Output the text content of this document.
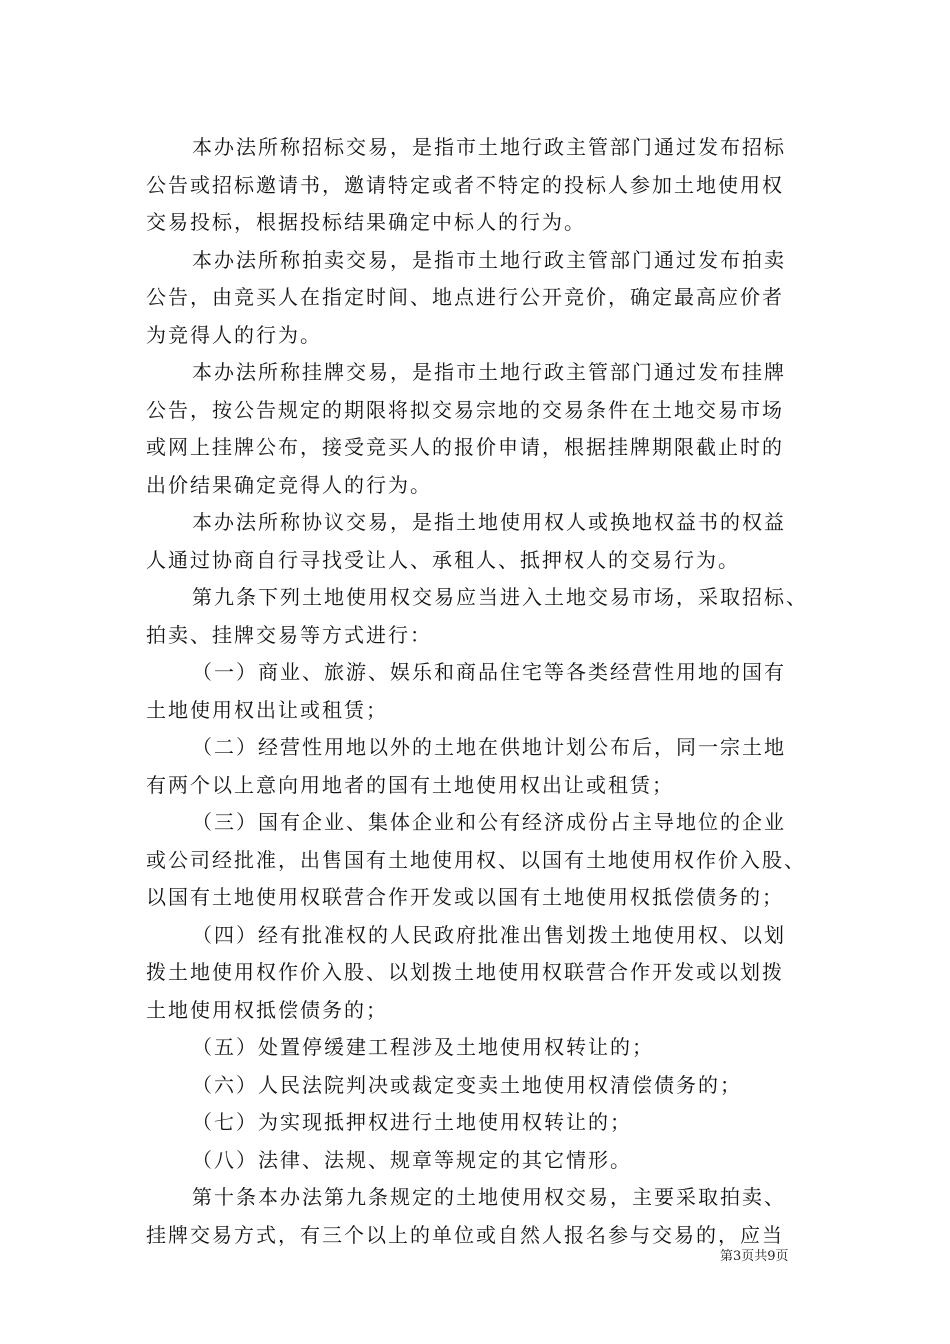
本办法所称招标交易，是指市土地行政主管部门通过发布招标
公告或招标邀请书，邀请特定或者不特定的投标人参加土地使用权
交易投标，根据投标结果确定中标人的行为。
本办法所称拍卖交易，是指市土地行政主管部门通过发布拍卖
公告，由竞买人在指定时间、地点进行公开竞价，确定最高应价者
为竞得人的行为。
本办法所称挂牌交易，是指市土地行政主管部门通过发布挂牌
公告，按公告规定的期限将拟交易宗地的交易条件在土地交易市场
或网上挂牌公布，接受竞买人的报价申请，根据挂牌期限截止时的
出价结果确定竞得人的行为。
本办法所称协议交易，是指土地使用权人或换地权益书的权益
人通过协商自行寻找受让人、承租人、抵押权人的交易行为。
第九条下列土地使用权交易应当进入土地交易市场，采取招标、
拍卖、挂牌交易等方式进行：
（一）商业、旅游、娱乐和商品住宅等各类经营性用地的国有
土地使用权出让或租赁；
（二）经营性用地以外的土地在供地计划公布后，同一宗土地
有两个以上意向用地者的国有土地使用权出让或租赁；
（三）国有企业、集体企业和公有经济成份占主导地位的企业
或公司经批准，出售国有土地使用权、以国有土地使用权作价入股、
以国有土地使用权联营合作开发或以国有土地使用权抵偿债务的；
（四）经有批准权的人民政府批准出售划拨土地使用权、以划
拨土地使用权作价入股、以划拨土地使用权联营合作开发或以划拨
土地使用权抵偿债务的；
（五）处置停缓建工程涉及土地使用权转让的；
（六）人民法院判决或裁定变卖土地使用权清偿债务的；
（七）为实现抵押权进行土地使用权转让的；
（八）法律、法规、规章等规定的其它情形。
第十条本办法第九条规定的土地使用权交易，主要采取拍卖、
挂牌交易方式，有三个以上的单位或自然人报名参与交易的，应当
第3页共9页
